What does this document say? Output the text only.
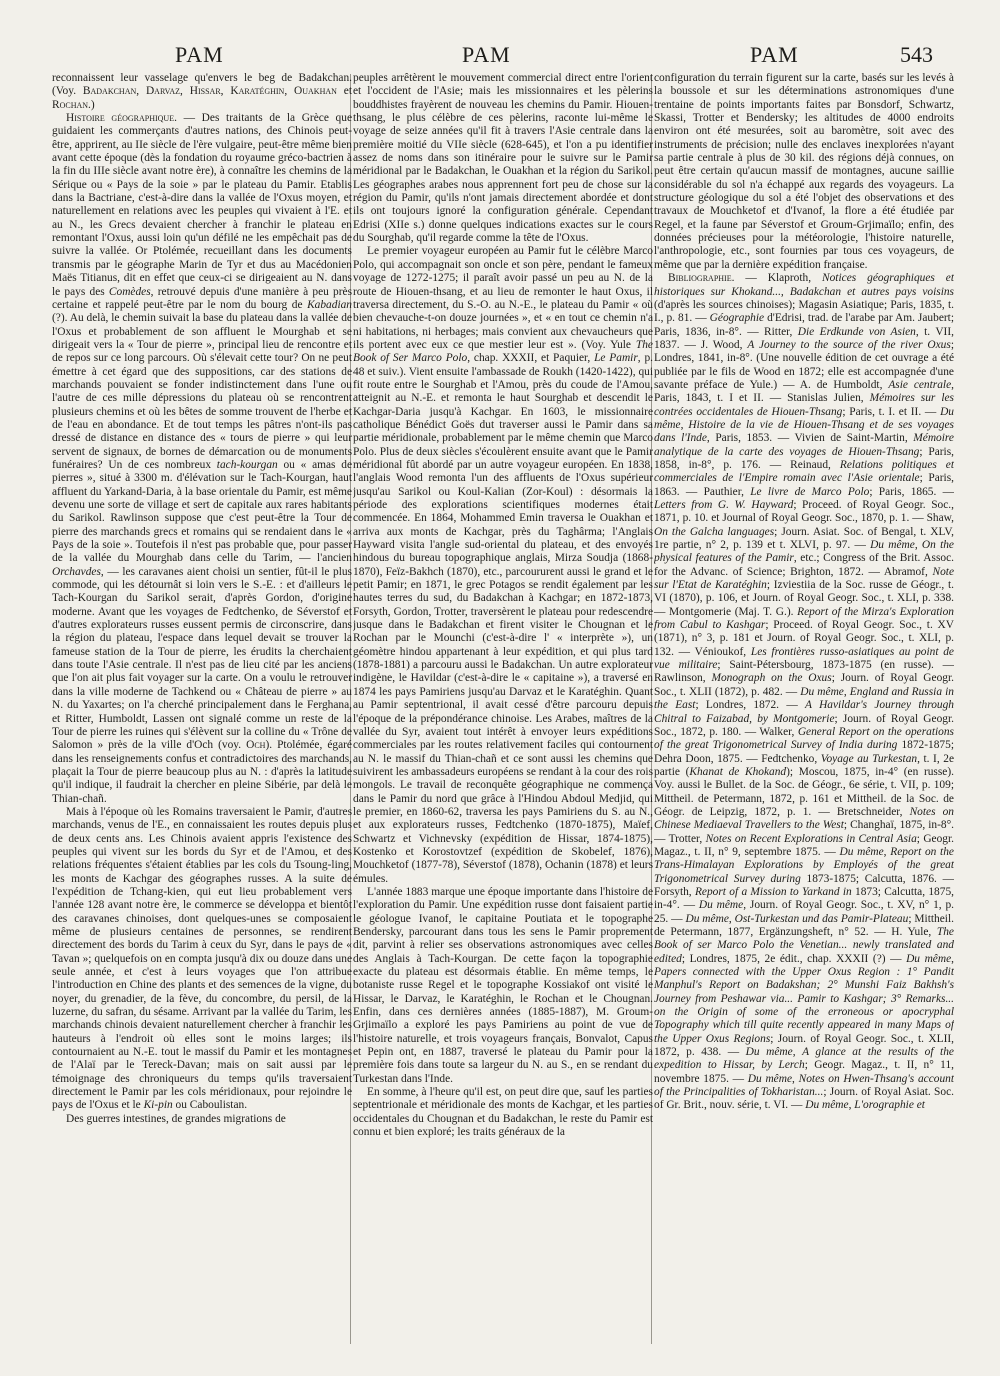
PAM	PAM	PAM	543

reconnaissent leur vasselage qu'envers le beg de Badakchan. (Voy. Badakchan, Darvaz, Hissar, Karatéghin, Ouakhan et Rochan.)

Histoire géographique. — Des traitants de la Grèce que guidaient les commerçants d'autres nations, des Chinois peut-être, apprirent, au IIe siècle de l'ère vulgaire, peut-être même bien avant cette époque (dès la fondation du royaume gréco-bactrien à la fin du IIIe siècle avant notre ère), à connaître les chemins de la Sérique ou « Pays de la soie » par le plateau du Pamir. Etablis dans la Bactriane, c'est-à-dire dans la vallée de l'Oxus moyen, et naturellement en relations avec les peuples qui vivaient à l'E. et au N., les Grecs devaient chercher à franchir le plateau en remontant l'Oxus, aussi loin qu'un défilé ne les empêchait pas de suivre la vallée. Or Ptolémée, recueillant dans les documents transmis par le géographe Marin de Tyr et dus au Macédonien Maës Titianus, dit en effet que ceux-ci se dirigeaient au N. dans le pays des Comèdes, retrouvé depuis d'une manière à peu près certaine et rappelé peut-être par le nom du bourg de Kabadian (?). Au delà, le chemin suivait la base du plateau dans la vallée de l'Oxus et probablement de son affluent le Mourghab et se dirigeait vers la « Tour de pierre », principal lieu de rencontre et de repos sur ce long parcours. Où s'élevait cette tour? On ne peut émettre à cet égard que des suppositions, car des stations de marchands pouvaient se fonder indistinctement dans l'une ou l'autre de ces mille dépressions du plateau où se rencontrent plusieurs chemins et où les bêtes de somme trouvent de l'herbe et de l'eau en abondance. Et de tout temps les pâtres n'ont-ils pas dressé de distance en distance des « tours de pierre » qui leur servent de signaux, de bornes de démarcation ou de monuments funéraires? Un de ces nombreux tach-kourgan ou « amas de pierres », situé à 3300 m. d'élévation sur le Tach-Kourgan, haut affluent du Yarkand-Daria, à la base orientale du Pamir, est même devenu une sorte de village et sert de capitale aux rares habitants du Sarikol. Rawlinson suppose que c'est peut-être la Tour de pierre des marchands grecs et romains qui se rendaient dans le « Pays de la soie ». Toutefois il n'est pas probable que, pour passer de la vallée du Mourghab dans celle du Tarim, — l'ancien Orchavdes, — les caravanes aient choisi un sentier, fût-il le plus commode, qui les détournât si loin vers le S.-E. : et d'ailleurs le Tach-Kourgan du Sarikol serait, d'après Gordon, d'origine moderne. Avant que les voyages de Fedtchenko, de Séverstof et d'autres explorateurs russes eussent permis de circonscrire, dans la région du plateau, l'espace dans lequel devait se trouver la fameuse station de la Tour de pierre, les érudits la cherchaient dans toute l'Asie centrale. Il n'est pas de lieu cité par les anciens que l'on ait plus fait voyager sur la carte. On a voulu le retrouver dans la ville moderne de Tachkend ou « Château de pierre » au N. du Yaxartes; on l'a cherché principalement dans le Ferghana, et Ritter, Humboldt, Lassen ont signalé comme un reste de la Tour de pierre les ruines qui s'élèvent sur la colline du « Trône de Salomon » près de la ville d'Och (voy. Och). Ptolémée, égaré dans les renseignements confus et contradictoires des marchands, plaçait la Tour de pierre beaucoup plus au N. : d'après la latitude qu'il indique, il faudrait la chercher en pleine Sibérie, par delà le Thian-chañ.

Mais à l'époque où les Romains traversaient le Pamir, d'autres marchands, venus de l'E., en connaissaient les routes depuis plus de deux cents ans. Les Chinois avaient appris l'existence des peuples qui vivent sur les bords du Syr et de l'Amou, et des relations fréquentes s'étaient établies par les cols du Tsoung-ling, les monts de Kachgar des géographes russes. A la suite de l'expédition de Tchang-kien, qui eut lieu probablement vers l'année 128 avant notre ère, le commerce se développa et bientôt des caravanes chinoises, dont quelques-unes se composaient même de plusieurs centaines de personnes, se rendirent directement des bords du Tarim à ceux du Syr, dans le pays de « Tavan »; quelquefois on en compta jusqu'à dix ou douze dans une seule année, et c'est à leurs voyages que l'on attribue l'introduction en Chine des plants et des semences de la vigne, du noyer, du grenadier, de la fève, du concombre, du persil, de la luzerne, du safran, du sésame. Arrivant par la vallée du Tarim, les marchands chinois devaient naturellement chercher à franchir les hauteurs à l'endroit où elles sont le moins larges; ils contournaient au N.-E. tout le massif du Pamir et les montagnes de l'Alaï par le Tereck-Davan; mais on sait aussi par le témoignage des chroniqueurs du temps qu'ils traversaient directement le Pamir par les cols méridionaux, pour rejoindre le pays de l'Oxus et le Ki-pin ou Caboulistan.

Des guerres intestines, de grandes migrations de

peuples arrêtèrent le mouvement commercial direct entre l'orient et l'occident de l'Asie; mais les missionnaires et les pèlerins bouddhistes frayèrent de nouveau les chemins du Pamir. Hiouen-thsang, le plus célèbre de ces pèlerins, raconte lui-même le voyage de seize années qu'il fit à travers l'Asie centrale dans la première moitié du VIIe siècle (628-645), et l'on a pu identifier assez de noms dans son itinéraire pour le suivre sur le Pamir méridional par le Badakchan, le Ouakhan et la région du Sarikol. Les géographes arabes nous apprennent fort peu de chose sur la région du Pamir, qu'ils n'ont jamais directement abordée et dont ils ont toujours ignoré la configuration générale. Cependant Edrisi (XIIe s.) donne quelques indications exactes sur le cours du Sourghab, qu'il regarde comme la tête de l'Oxus.

Le premier voyageur européen au Pamir fut le célèbre Marco Polo, qui accompagnait son oncle et son père, pendant le fameux voyage de 1272-1275; il paraît avoir passé un peu au N. de la route de Hiouen-thsang, et au lieu de remonter le haut Oxus, il traversa directement, du S.-O. au N.-E., le plateau du Pamir « où bien chevauche-t-on douze journées », et « en tout ce chemin n'a ni habitations, ni herbages; mais convient aux chevaucheurs que ils portent avec eux ce que mestier leur est ». (Voy. Yule The Book of Ser Marco Polo, chap. XXXII, et Paquier, Le Pamir, p. 48 et suiv.). Vient ensuite l'ambassade de Roukh (1420-1422), qui fit route entre le Sourghab et l'Amou, près du coude de l'Amou, atteignit au N.-E. et remonta le haut Sourghab et descendit le Kachgar-Daria jusqu'à Kachgar. En 1603, le missionnaire catholique Bénédict Goës dut traverser aussi le Pamir dans sa partie méridionale, probablement par le même chemin que Marco Polo. Plus de deux siècles s'écoulèrent ensuite avant que le Pamir méridional fût abordé par un autre voyageur européen. En 1838, l'anglais Wood remonta l'un des affluents de l'Oxus supérieur jusqu'au Sarikol ou Koul-Kalian (Zor-Koul) : désormais la période des explorations scientifiques modernes était commencée. En 1864, Mohammed Emin traversa le Ouakhan et arriva aux monts de Kachgar, près du Taghârma; l'Anglais Hayward visita l'angle sud-oriental du plateau, et des envoyés hindous du bureau topographique anglais, Mirza Soudja (1868-1870), Feïz-Bakhch (1870), etc., parcoururent aussi le grand et le petit Pamir; en 1871, le grec Potagos se rendit également par les hautes terres du sud, du Badakchan à Kachgar; en 1872-1873, Forsyth, Gordon, Trotter, traversèrent le plateau pour redescendre jusque dans le Badakchan et firent visiter le Chougnan et le Rochan par le Mounchi (c'est-à-dire l' « interprète »), un géomètre hindou appartenant à leur expédition, et qui plus tard (1878-1881) a parcouru aussi le Badakchan. Un autre explorateur indigène, le Havildar (c'est-à-dire le « capitaine »), a traversé en 1874 les pays Pamiriens jusqu'au Darvaz et le Karatéghin. Quant au Pamir septentrional, il avait cessé d'être parcouru depuis l'époque de la prépondérance chinoise. Les Arabes, maîtres de la vallée du Syr, avaient tout intérêt à envoyer leurs expéditions commerciales par les routes relativement faciles qui contournent au N. le massif du Thian-chañ et ce sont aussi les chemins que suivirent les ambassadeurs européens se rendant à la cour des rois mongols. Le travail de reconquête géographique ne commença dans le Pamir du nord que grâce à l'Hindou Abdoul Medjid, qui le premier, en 1860-62, traversa les pays Pamiriens du S. au N., et aux explorateurs russes, Fedtchenko (1870-1875), Maïef, Schwartz et Vichnevsky (expédition de Hissar, 1874-1875), Kostenko et Korostovtzef (expédition de Skobelef, 1876), Mouchketof (1877-78), Séverstof (1878), Ochanin (1878) et leurs émules.

L'année 1883 marque une époque importante dans l'histoire de l'exploration du Pamir. Une expédition russe dont faisaient partie le géologue Ivanof, le capitaine Poutiata et le topographe Bendersky, parcourant dans tous les sens le Pamir proprement dit, parvint à relier ses observations astronomiques avec celles des Anglais à Tach-Kourgan. De cette façon la topographie exacte du plateau est désormais établie. En même temps, le botaniste russe Regel et le topographe Kossiakof ont visité le Hissar, le Darvaz, le Karatéghin, le Rochan et le Chougnan. Enfin, dans ces dernières années (1885-1887), M. Groum-Grjimaïlo a exploré les pays Pamiriens au point de vue de l'histoire naturelle, et trois voyageurs français, Bonvalot, Capus et Pepin ont, en 1887, traversé le plateau du Pamir pour la première fois dans toute sa largeur du N. au S., en se rendant du Turkestan dans l'Inde.

En somme, à l'heure qu'il est, on peut dire que, sauf les parties septentrionale et méridionale des monts de Kachgar, et les parties occidentales du Chougnan et du Badakchan, le reste du Pamir est connu et bien exploré; les traits généraux de la

configuration du terrain figurent sur la carte, basés sur les levés à la boussole et sur les déterminations astronomiques d'une trentaine de points importants faites par Bonsdorf, Schwartz, Skassi, Trotter et Bendersky; les altitudes de 4000 endroits environ ont été mesurées, soit au baromètre, soit avec des instruments de précision; nulle des enclaves inexplorées n'ayant sa partie centrale à plus de 30 kil. des régions déjà connues, on peut être certain qu'aucun massif de montagnes, aucune saillie considérable du sol n'a échappé aux regards des voyageurs. La structure géologique du sol a été l'objet des observations et des travaux de Mouchketof et d'Ivanof, la flore a été étudiée par Regel, et la faune par Séverstof et Groum-Grjimaïlo; enfin, des données précieuses pour la météorologie, l'histoire naturelle, l'anthropologie, etc., sont fournies par tous ces voyageurs, de même que par la dernière expédition française.

Bibliographie. — Klaproth, Notices géographiques et historiques sur Khokand..., Badakchan et autres pays voisins (d'après les sources chinoises); Magasin Asiatique; Paris, 1835, t. I., p. 81. — Géographie d'Edrisi, trad. de l'arabe par Am. Jaubert; Paris, 1836, in-8°. — Ritter, Die Erdkunde von Asien, t. VII, 1837. — J. Wood, A Journey to the source of the river Oxus; Londres, 1841, in-8°. (Une nouvelle édition de cet ouvrage a été publiée par le fils de Wood en 1872; elle est accompagnée d'une savante préface de Yule.) — A. de Humboldt, Asie centrale, Paris, 1843, t. I et II. — Stanislas Julien, Mémoires sur les contrées occidentales de Hiouen-Thsang; Paris, t. I. et II. — Du même, Histoire de la vie de Hiouen-Thsang et de ses voyages dans l'Inde, Paris, 1853. — Vivien de Saint-Martin, Mémoire analytique de la carte des voyages de Hiouen-Thsang; Paris, 1858, in-8°, p. 176. — Reinaud, Relations politiques et commerciales de l'Empire romain avec l'Asie orientale; Paris, 1863. — Pauthier, Le livre de Marco Polo; Paris, 1865. — Letters from G. W. Hayward; Proceed. of Royal Geogr. Soc., 1871, p. 10. et Journal of Royal Geogr. Soc., 1870, p. 1. — Shaw, On the Galcha languages; Journ. Asiat. Soc. of Bengal, t. XLV, 1re partie, n° 2, p. 139 et t. XLVI, p. 97. — Du même, On the physical features of the Pamir, etc.; Congress of the Brit. Assoc. for the Advanc. of Science; Brighton, 1872. — Abramof, Note sur l'Etat de Karatéghin; Izviestiia de la Soc. russe de Géogr., t. VI (1870), p. 106, et Journ. of Royal Geogr. Soc., t. XLI, p. 338. — Montgomerie (Maj. T. G.). Report of the Mirza's Exploration from Cabul to Kashgar; Proceed. of Royal Geogr. Soc., t. XV (1871), n° 3, p. 181 et Journ. of Royal Geogr. Soc., t. XLI, p. 132. — Vénioukof, Les frontières russo-asiatiques au point de vue militaire; Saint-Pétersbourg, 1873-1875 (en russe). — Rawlinson, Monograph on the Oxus; Journ. of Royal Geogr. Soc., t. XLII (1872), p. 482. — Du même, England and Russia in the East; Londres, 1872. — A Havildar's Journey through Chitral to Faizabad, by Montgomerie; Journ. of Royal Geogr. Soc., 1872, p. 180. — Walker, General Report on the operations of the great Trigonometrical Survey of India during 1872-1875; Dehra Doon, 1875. — Fedtchenko, Voyage au Turkestan, t. I, 2e partie (Khanat de Khokand); Moscou, 1875, in-4° (en russe). Voy. aussi le Bullet. de la Soc. de Géogr., 6e série, t. VII, p. 109; Mittheil. de Petermann, 1872, p. 161 et Mittheil. de la Soc. de Géogr. de Leipzig, 1872, p. 1. — Bretschneider, Notes on Chinese Mediaeval Travellers to the West; Changhaï, 1875, in-8°. — Trotter, Notes on Recent Explorations in Central Asia; Geogr. Magaz., t. II, n° 9, septembre 1875. — Du même, Report on the Trans-Himalayan Explorations by Employés of the great Trigonometrical Survey during 1873-1875; Calcutta, 1876. — Forsyth, Report of a Mission to Yarkand in 1873; Calcutta, 1875, in-4°. — Du même, Journ. of Royal Geogr. Soc., t. XV, n° 1, p. 25. — Du même, Ost-Turkestan und das Pamir-Plateau; Mittheil. de Petermann, 1877, Ergänzungsheft, n° 52. — H. Yule, The Book of ser Marco Polo the Venetian... newly translated and edited; Londres, 1875, 2e édit., chap. XXXII (?) — Du même, Papers connected with the Upper Oxus Region : 1° Pandit Manphul's Report on Badakshan; 2° Munshi Faiz Bakhsh's Journey from Peshawar via... Pamir to Kashgar; 3° Remarks... on the Origin of some of the erroneous or apocryphal Topography which till quite recently appeared in many Maps of the Upper Oxus Regions; Journ. of Royal Geogr. Soc., t. XLII, 1872, p. 438. — Du même, A glance at the results of the expedition to Hissar, by Lerch; Geogr. Magaz., t. II, n° 11, novembre 1875. — Du même, Notes on Hwen-Thsang's account of the Principalities of Tokharistan...; Journ. of Royal Asiat. Soc. of Gr. Brit., nouv. série, t. VI. — Du même, L'orographie et
